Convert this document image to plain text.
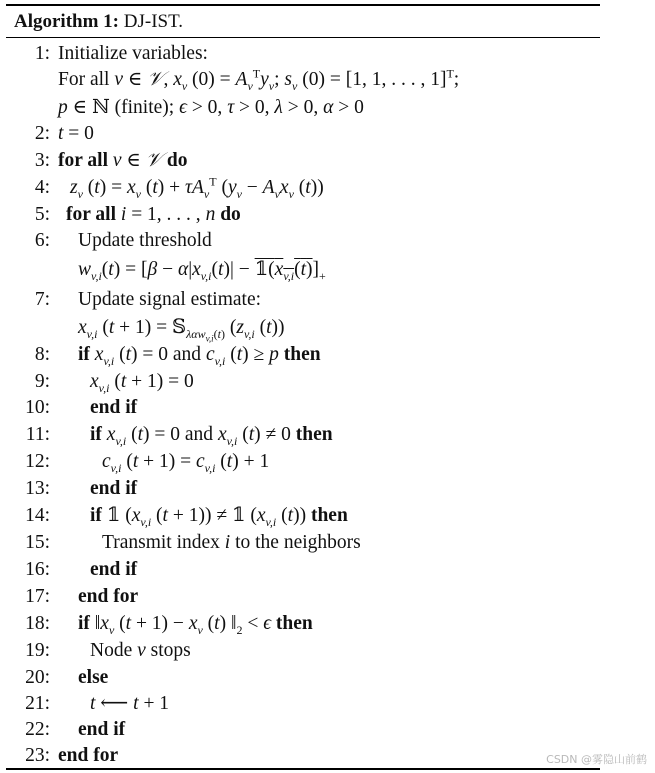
Algorithm 1: DJ-IST.
1: Initialize variables:
For all v ∈ 𝒱, $x_v$ $(0) = A_v^Ty_v$; $s_v$ (0) = [1, 1, . . . , 1]$^T$;
p ∈ ℕ (finite); ϵ > 0, τ > 0, λ > 0, α > 0
2: t = 0
3: for all v ∈ 𝒱 do
4: $z_v$ $(t) = x_v$ $(t) + \tau A_v^T$ ($y_v - A_vx_v$ (t))
5: for all i = 1, . . . , n do
6: Update threshold
$w_{v,i}(t) = [\beta - \alpha|x_{v,i}(t)|$ − $𝟙(x_{v,i}(t)]_+$
7: Update signal estimate:
$x_{v,i}$ (t + 1) = 𝕊$_{\lambda\alpha w_{v,i}(t)}$ ($z_{v,i}$ (t))
8: if $x_{v,i}$ (t) = 0 and $c_{v,i}$ (t) ≥ p then
9: $x_{v,i}$ (t + 1) = 0
10: end if
11: if $x_{v,i}$ (t) = 0 and $x_{v,i}$ (t) ≠ 0 then
12:	$c_{v,i}$ $(t + 1) = c_{v,i}$ (t) + 1
13: end if
14: if 𝟙 ($x_{v,i}$ (t + 1)) ≠ 𝟙 ($x_{v,i}$ (t)) then
15:	Transmit index i to the neighbors
16: end if
17: end for
18: if $‖x_v$ $(t + 1) - x_v$ (t) $‖_2 < \epsilon$ then
19: Node v stops
20: else
21: t ⟵ t + 1
22: end if
23: end for	CSDN @雾隐山前鹤
